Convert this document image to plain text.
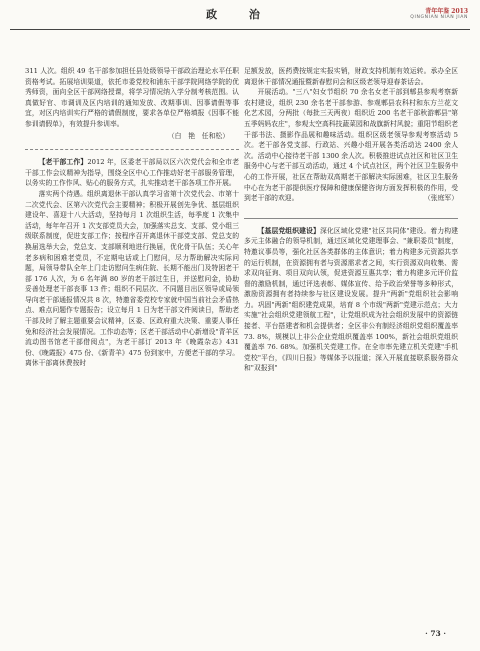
政 治	青年年鉴 2013
QINGNIAN NIAN JIAN

311 人次。组织 49 名干部参加担任县处级领导干部政治理论水平任职资格考试。拓展培训渠道，依托市委党校和浦东干部学院网络学院的优秀师资，面向全区干部网络授课，将学习情况纳入学分制考核范围。认真做好官、市调训及区内培训的通知发放、改期事训、因事请假等事宜，对区内培训实行严格的请假制度，要求各单位严格填报《因事不能参训请假单》，有效提升参训率。

（白　艳　任和松）

【老干部工作】2012 年，区委老干部局以区六次党代会和全市老干部工作会议精神为指导，围绕全区中心工作推动好老干部服务管理，以务实的工作作风、贴心的服务方式，扎实推动老干部各项工作开展。

落实两个待遇。组织离退休干部认真学习省第十次党代会、市第十二次党代会、区第六次党代会主要精神；积极开展创先争优、基层组织建设年、喜迎十八大活动，坚持每月 1 次组织生活，每季度 1 次集中活动，每年年召开 1 次支部党员大会，加强落实总支、支部、党小组三级联系制度，促进支部工作；按程序召开离退休干部党支部、党总支的换届选举大会，党总支、支部顺利地进行换届，优化骨干队伍；关心年老多病和困难老党员，不定期电话或上门慰问，尽力帮助解决实际问题，局领导带队全年上门走访慰问生病住院、长期不能出门及特困老干部 176 人次，为 6 名年满 80 岁的老干部过生日，并送慰问金，协助妥善处理老干部丧事 13 件；组织不同层次、不同题目出区领导或局领导向老干部通报情况共 8 次，特邀省委党校专家就中国当前社会矛盾热点、难点问题作专题报告；设立每月 1 日为老干部文件阅读日，帮助老干部及时了解主题重要会议精神，区委、区政府重大决策、重要人事任免和经济社会发展情况。工作动态等；区老干部活动中心新增设"青羊区流动图书馆老干部借阅点"，为老干部订 2013 年《晚霞杂志》431 份、《晚霞报》475 份、《新青羊》475 份到家中，方便老干部的学习。离休干部离休费按时

足额发放，医药费按规定实报实销，财政支持机制有效运转。承办全区离退休干部情况通报暨新春慰问会和区级老领导迎春茶话会。

开展活动。"三八"妇女节组织 70 余名女老干部到郫县参观考察新农村建设，组织 230 余名老干部参游、参观郫县农科村和东方兰花文化艺术园，分两批（每批三天两夜）组织近 200 名老干部秋游郫县"第五季妈妈农庄"，参观太空高科技蔬菜园和战旗新村风貌；重阳节组织老干部书法、摄影作品展和趣味活动。组织区级老领导参观考察活动 5 次。老干部各党支部、行政站、兴趣小组开展各类活动达 2400 余人次。活动中心接待老干部 1300 余人次。积极推进试点社区和社区卫生服务中心与老干部互动活动，通过 4 个试点社区，两个社区卫生服务中心的工作开展，社区在帮助双高期老干部解决实际困难，社区卫生服务中心在为老干部提供医疗保障和健康保健咨询方面发挥积极的作用，受到老干部的欢迎。	（张庭军）

【基层党组织建设】深化区域化党建"社区共同体"建设。着力构建多元主体融合的领导机制，通过区域化党建理事会、"兼职委员"制度，特邀议事员等，强化社区各类群体的主体意识；着力构建多元资源共享的运行机制，在资源拥有者与资源需求者之间，实行资源双向收集、需求双向征询、项目双向认领，促进资源互惠共享；着力构建多元评价监督的激励机制，通过评选表彰、媒体宣传、给予政治荣誉等多种形式，激励资源拥有者持续参与社区建设发展。提升"两新"党组织社会影响力。巩固"两新"组织建党成果，培育 8 个市级"两新"党建示范点；大力实施"社会组织党建领航工程"，让党组织成为社会组织发展中的资源链接者、平台搭建者和机会提供者；全区非公有制经济组织党组织覆盖率 73. 8%，规模以上非公企业党组织覆盖率 100%，新社会组织党组织覆盖率 76. 68%。加强机关党建工作。在全市率先建立机关党建"手机党校"平台，《四川日报》等媒体予以报道；深入开展直接联系服务群众和"双报到"

· 73 ·
